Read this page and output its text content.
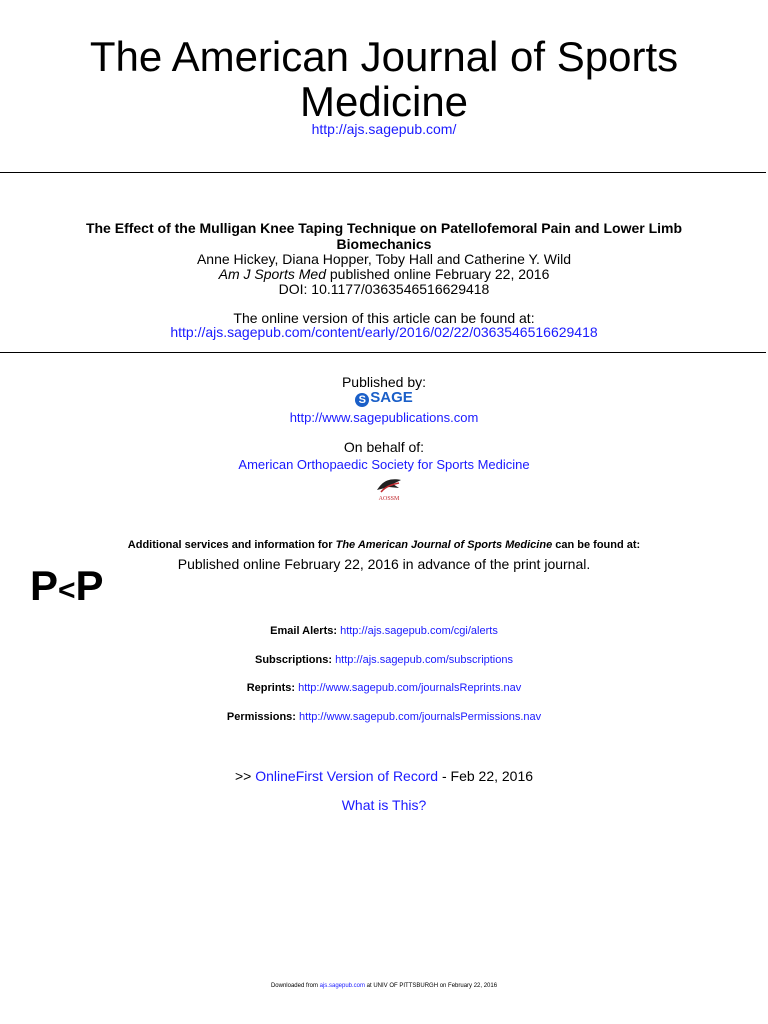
The American Journal of Sports
Medicine
http://ajs.sagepub.com/
The Effect of the Mulligan Knee Taping Technique on Patellofemoral Pain and Lower Limb
Biomechanics
Anne Hickey, Diana Hopper, Toby Hall and Catherine Y. Wild
Am J Sports Med published online February 22, 2016
DOI: 10.1177/0363546516629418
The online version of this article can be found at:
http://ajs.sagepub.com/content/early/2016/02/22/0363546516629418
Published by:
S SAGE
http://www.sagepublications.com
On behalf of:
American Orthopaedic Society for Sports Medicine
AOSSM
Additional services and information for The American Journal of Sports Medicine can be found at:
Published online February 22, 2016 in advance of the print journal.
P<P
Email Alerts: http://ajs.sagepub.com/cgi/alerts
Subscriptions: http://ajs.sagepub.com/subscriptions
Reprints: http://www.sagepub.com/journalsReprints.nav
Permissions: http://www.sagepub.com/journalsPermissions.nav
>> OnlineFirst Version of Record - Feb 22, 2016
What is This?
Downloaded from ajs.sagepub.com at UNIV OF PITTSBURGH on February 22, 2016
